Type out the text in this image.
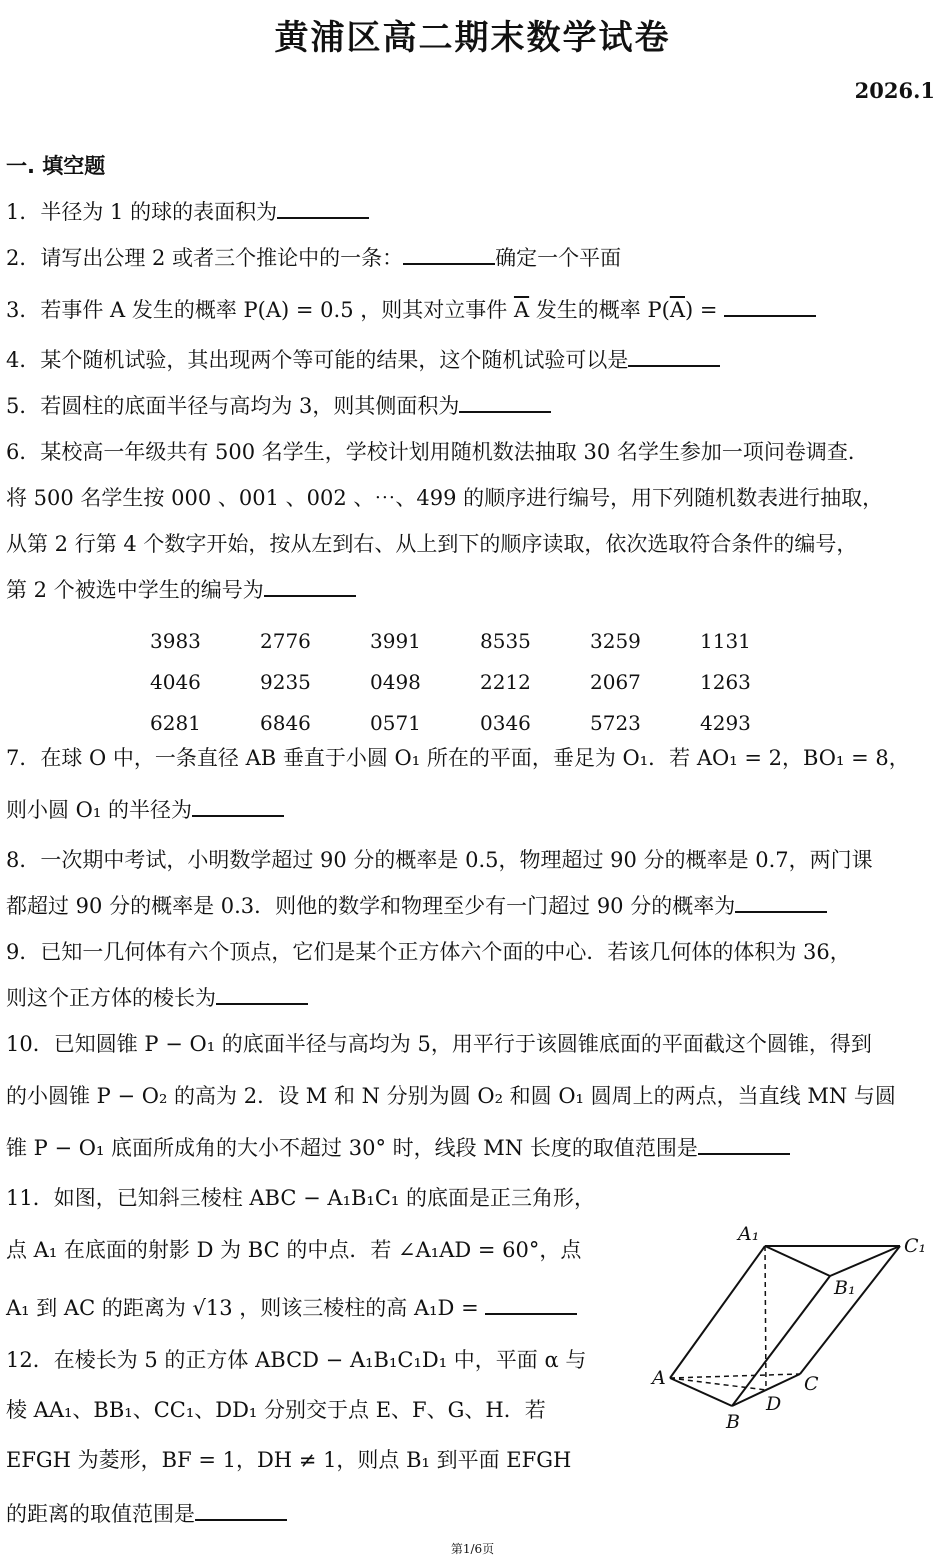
黄浦区高二期末数学试卷
2026.1
一. 填空题
1．半径为 1 的球的表面积为
2．请写出公理 2 或者三个推论中的一条：	确定一个平面
3．若事件 A 发生的概率 P(A) = 0.5 ，则其对立事件 $\overline{A}$ 发生的概率 $P(\overline{A})$ =
4．某个随机试验，其出现两个等可能的结果，这个随机试验可以是
5．若圆柱的底面半径与高均为 3，则其侧面积为
6．某校高一年级共有 500 名学生，学校计划用随机数法抽取 30 名学生参加一项问卷调查．
将 500 名学生按 000 、001 、002 、⋯、499 的顺序进行编号，用下列随机数表进行抽取，
从第 2 行第 4 个数字开始，按从左到右、从上到下的顺序读取，依次选取符合条件的编号，
第 2 个被选中学生的编号为
3983	2776	3991	8535	3259	1131
4046	9235	0498	2212	2067	1263
6281	6846	0571	0346	5723	4293
7．在球 O 中，一条直径 AB 垂直于小圆 O₁ 所在的平面，垂足为 O₁．若 AO₁ = 2，BO₁ = 8，
则小圆 O₁ 的半径为
8．一次期中考试，小明数学超过 90 分的概率是 0.5，物理超过 90 分的概率是 0.7，两门课
都超过 90 分的概率是 0.3．则他的数学和物理至少有一门超过 90 分的概率为
9．已知一几何体有六个顶点，它们是某个正方体六个面的中心．若该几何体的体积为 36，
则这个正方体的棱长为
10．已知圆锥 P − O₁ 的底面半径与高均为 5，用平行于该圆锥底面的平面截这个圆锥，得到
的小圆锥 P − O₂ 的高为 2．设 M 和 N 分别为圆 O₂ 和圆 O₁ 圆周上的两点，当直线 MN 与圆
锥 P − O₁ 底面所成角的大小不超过 30° 时，线段 MN 长度的取值范围是
11．如图，已知斜三棱柱 ABC − A₁B₁C₁ 的底面是正三角形，
点 A₁ 在底面的射影 D 为 BC 的中点．若 ∠A₁AD = 60°，点
A₁ 到 AC 的距离为 √13 ，则该三棱柱的高 A₁D =
12．在棱长为 5 的正方体 ABCD − A₁B₁C₁D₁ 中，平面 α 与
棱 AA₁、BB₁、CC₁、DD₁ 分别交于点 E、F、G、H．若
EFGH 为菱形，BF = 1，DH ≠ 1，则点 B₁ 到平面 EFGH
的距离的取值范围是
A₁
C₁
B₁
A	C
D
B
第1/6页
